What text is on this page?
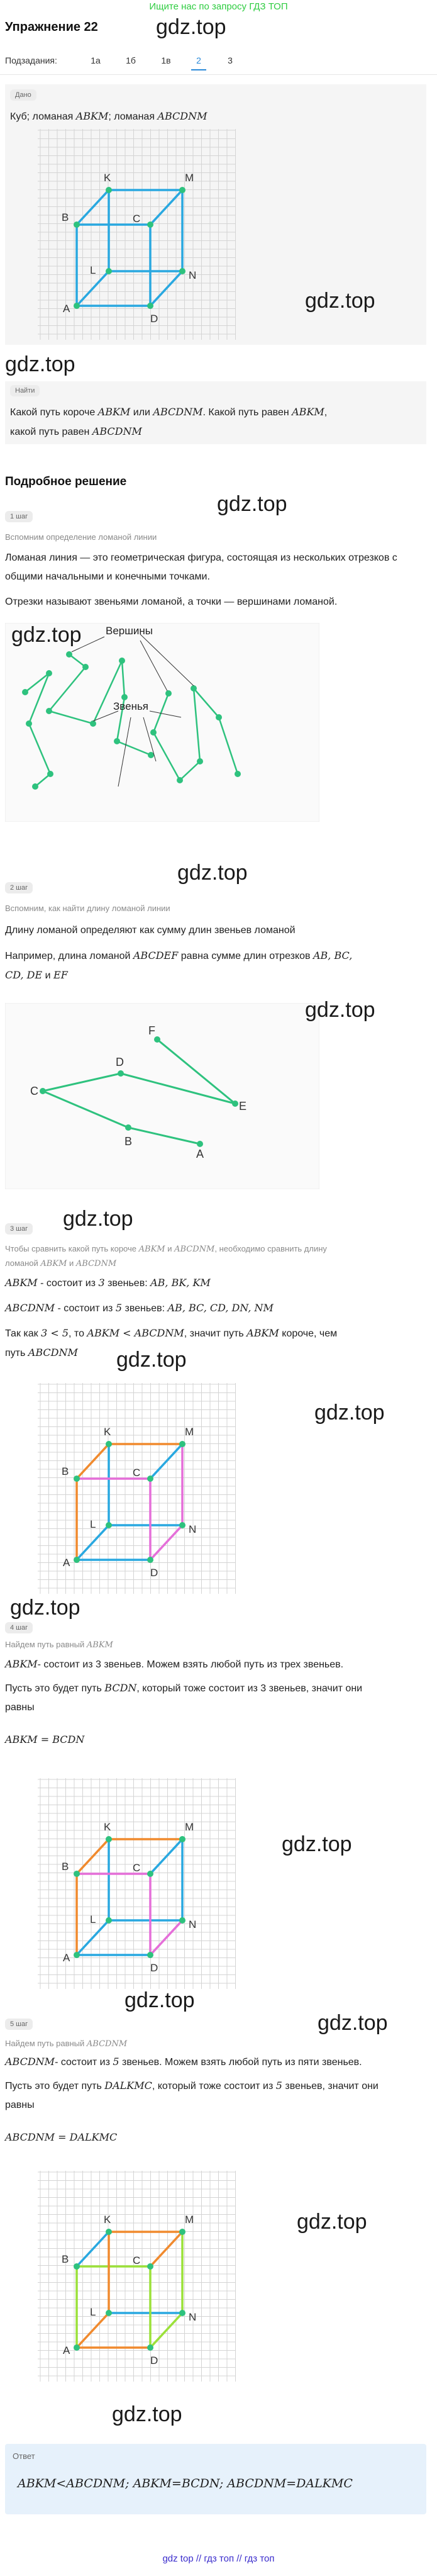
Ищите нас по запросу ГДЗ ТОП
Упражнение 22	gdz.top
Подзадания:	1а	1б	1в	2	3
Дано
Куб; ломаная ABKM; ломаная ABCDNM
A
B	C
D
K	M
L	N
gdz.top
gdz.top
Найти
Какой путь короче ABKM или ABCDNM. Какой путь равен ABKM,
какой путь равен ABCDNM
Подробное решение
gdz.top
1 шаг
Вспомним определение ломаной линии
Ломаная линия — это геометрическая фигура, состоящая из нескольких отрезков с общими начальными и конечными точками.
Отрезки называют звеньями ломаной, а точки — вершинами ломаной.
Вершины
Звенья
gdz.top
gdz.top
2 шаг
Вспомним, как найти длину ломаной линии
Длину ломаной определяют как сумму длин звеньев ломаной
Например, длина ломаной ABCDEF равна сумме длин отрезков AB, BC,
CD, DE и EF
A
B
C
D
E
F
gdz.top
gdz.top
3 шаг
Чтобы сравнить какой путь короче ABKM и ABCDNM, необходимо сравнить длину
ломаной ABKM и ABCDNM
ABKM - состоит из 3 звеньев: AB, BK, KM
ABCDNM - состоит из 5 звеньев: AB, BC, CD, DN, NM
Так как 3 < 5, то ABKM < ABCDNM, значит путь ABKM короче, чем
путь ABCDNM	gdz.top
A
B	C
D
K	M
L	N
gdz.top
gdz.top
4 шаг
Найдем путь равный ABKM
ABKM- состоит из 3 звеньев. Можем взять любой путь из трех звеньев.
Пусть это будет путь BCDN, который тоже состоит из 3 звеньев, значит они
равны
ABKM = BCDN
A
B	C
D
K	M
L	N
gdz.top
gdz.top
5 шаг	gdz.top
Найдем путь равный ABCDNM
ABCDNM- состоит из 5 звеньев. Можем взять любой путь из пяти звеньев.
Пусть это будет путь DALKMC, который тоже состоит из 5 звеньев, значит они
равны
ABCDNM = DALKMC
A
B	C
D
K	M
L	N
gdz.top
gdz.top
Ответ
ABKM<ABCDNM; ABKM=BCDN; ABCDNM=DALKMC
gdz top // гдз топ // гдз топ
